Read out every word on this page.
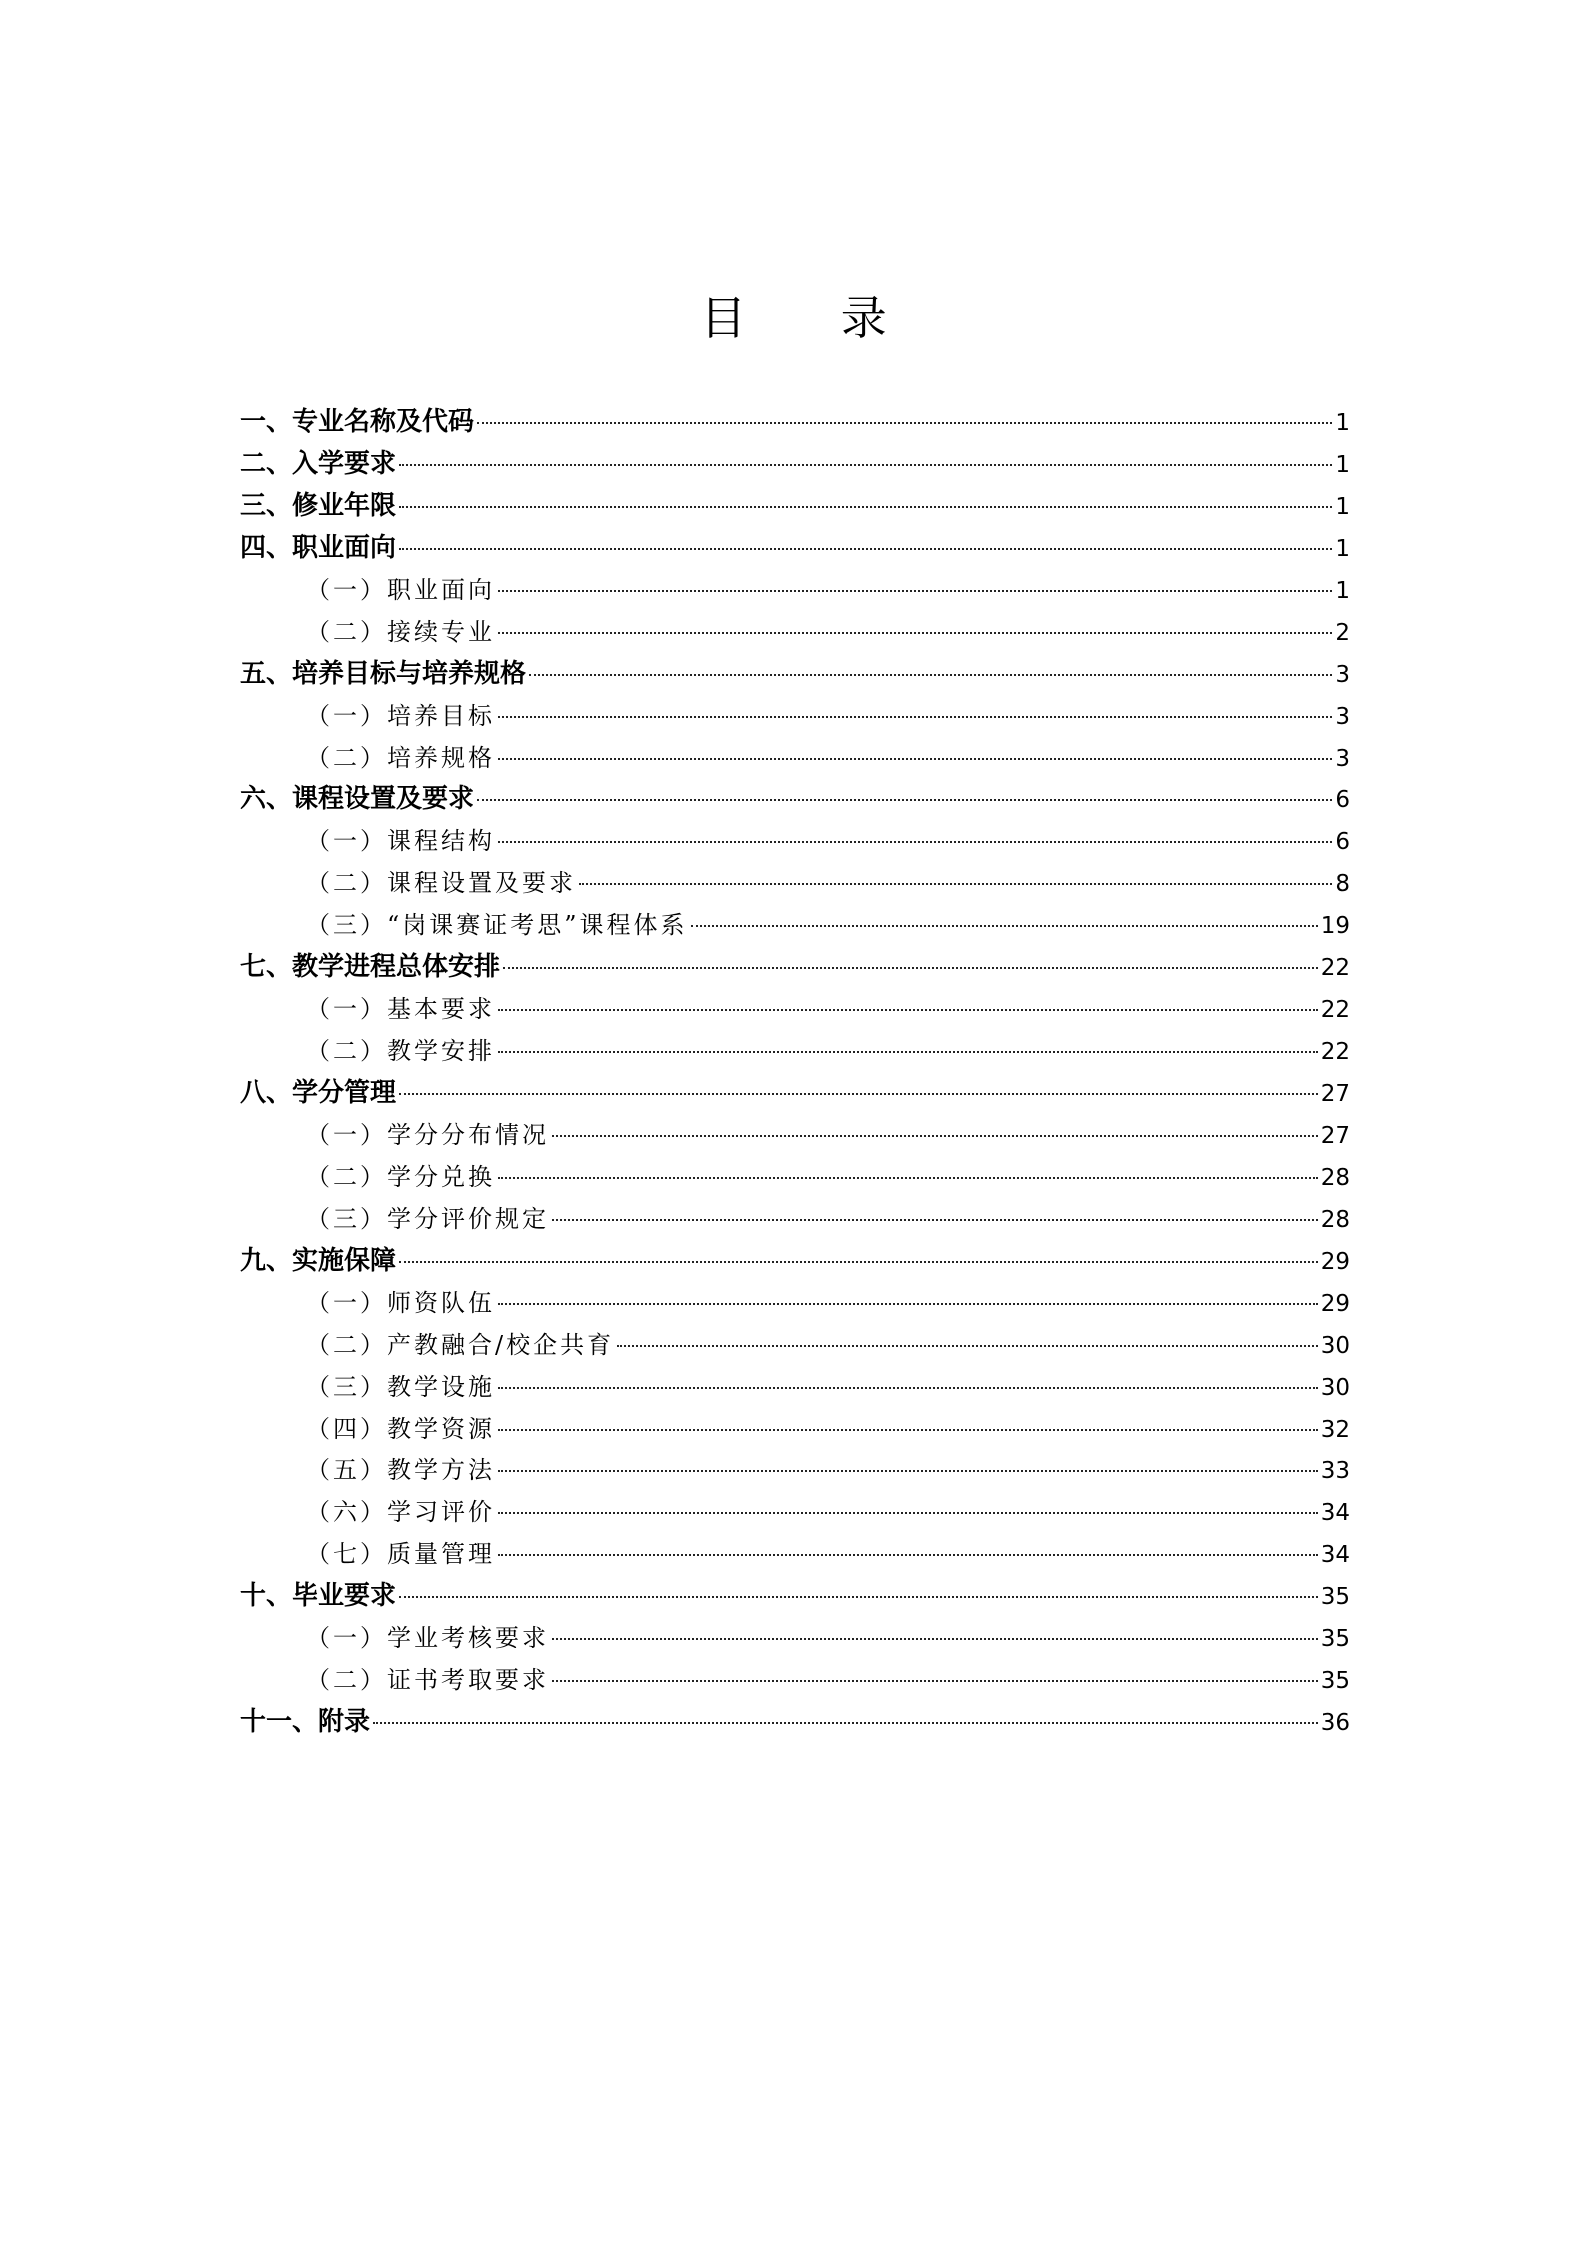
目 录
一、专业名称及代码	1
二、入学要求	1
三、修业年限	1
四、职业面向	1
（一）职业面向	1
（二）接续专业	2
五、培养目标与培养规格	3
（一）培养目标	3
（二）培养规格	3
六、课程设置及要求	6
（一）课程结构	6
（二）课程设置及要求	8
（三）“岗课赛证考思”课程体系	19
七、教学进程总体安排	22
（一）基本要求	22
（二）教学安排	22
八、学分管理	27
（一）学分分布情况	27
（二）学分兑换	28
（三）学分评价规定	28
九、实施保障	29
（一）师资队伍	29
（二）产教融合/校企共育	30
（三）教学设施	30
（四）教学资源	32
（五）教学方法	33
（六）学习评价	34
（七）质量管理	34
十、毕业要求	35
（一）学业考核要求	35
（二）证书考取要求	35
十一、附录	36
